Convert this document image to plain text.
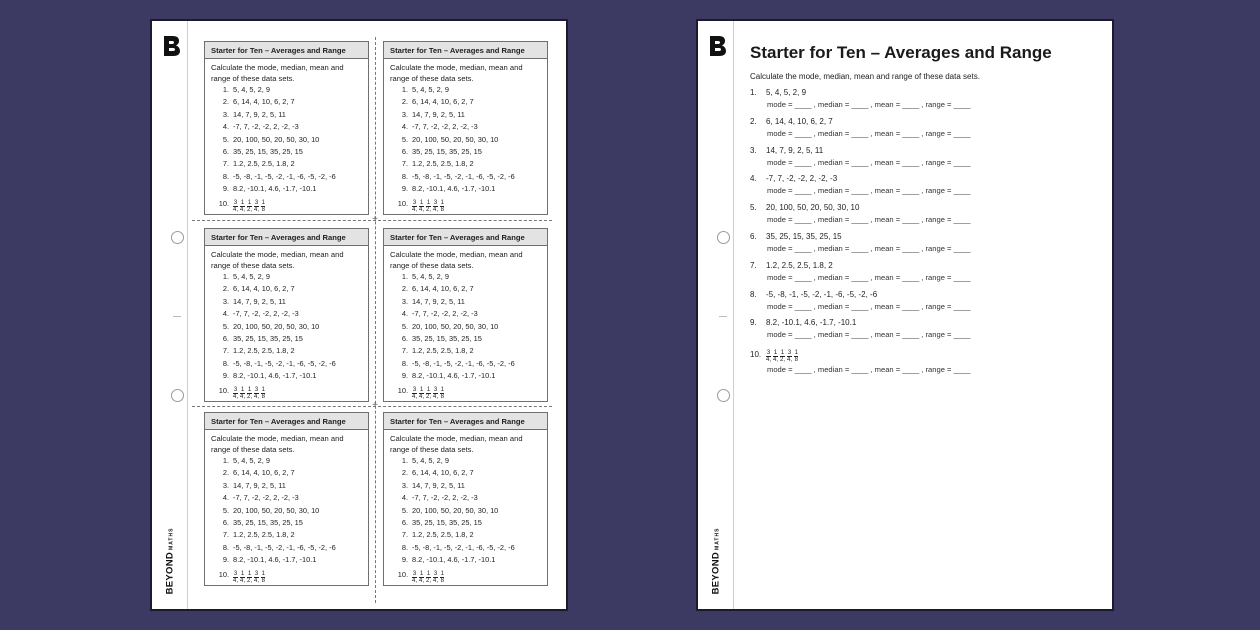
BEYONDMATHS
+
+
Starter for Ten – Averages and Range
Calculate the mode, median, mean and
range of these data sets.
1. 5, 4, 5, 2, 9
2. 6, 14, 4, 10, 6, 2, 7
3. 14, 7, 9, 2, 5, 11
4. -7, 7, -2, -2, 2, -2, -3
5. 20, 100, 50, 20, 50, 30, 10
6. 35, 25, 15, 35, 25, 15
7. 1.2, 2.5, 2.5, 1.8, 2
8. -5, -8, -1, -5, -2, -1, -6, -5, -2, -6
9. 8.2, -10.1, 4.6, -1.7, -10.1
10. $\frac{3}{4,} \frac{1}{4,} \frac{1}{2,} \frac{3}{4,} \frac{1}{8}$
Starter for Ten – Averages and Range
Calculate the mode, median, mean and
range of these data sets.
1. 5, 4, 5, 2, 9
2. 6, 14, 4, 10, 6, 2, 7
3. 14, 7, 9, 2, 5, 11
4. -7, 7, -2, -2, 2, -2, -3
5. 20, 100, 50, 20, 50, 30, 10
6. 35, 25, 15, 35, 25, 15
7. 1.2, 2.5, 2.5, 1.8, 2
8. -5, -8, -1, -5, -2, -1, -6, -5, -2, -6
9. 8.2, -10.1, 4.6, -1.7, -10.1
10. $\frac{3}{4,} \frac{1}{4,} \frac{1}{2,} \frac{3}{4,} \frac{1}{8}$
Starter for Ten – Averages and Range
Calculate the mode, median, mean and
range of these data sets.
1. 5, 4, 5, 2, 9
2. 6, 14, 4, 10, 6, 2, 7
3. 14, 7, 9, 2, 5, 11
4. -7, 7, -2, -2, 2, -2, -3
5. 20, 100, 50, 20, 50, 30, 10
6. 35, 25, 15, 35, 25, 15
7. 1.2, 2.5, 2.5, 1.8, 2
8. -5, -8, -1, -5, -2, -1, -6, -5, -2, -6
9. 8.2, -10.1, 4.6, -1.7, -10.1
10. $\frac{3}{4,} \frac{1}{4,} \frac{1}{2,} \frac{3}{4,} \frac{1}{8}$
Starter for Ten – Averages and Range
Calculate the mode, median, mean and
range of these data sets.
1. 5, 4, 5, 2, 9
2. 6, 14, 4, 10, 6, 2, 7
3. 14, 7, 9, 2, 5, 11
4. -7, 7, -2, -2, 2, -2, -3
5. 20, 100, 50, 20, 50, 30, 10
6. 35, 25, 15, 35, 25, 15
7. 1.2, 2.5, 2.5, 1.8, 2
8. -5, -8, -1, -5, -2, -1, -6, -5, -2, -6
9. 8.2, -10.1, 4.6, -1.7, -10.1
10. $\frac{3}{4,} \frac{1}{4,} \frac{1}{2,} \frac{3}{4,} \frac{1}{8}$
Starter for Ten – Averages and Range
Calculate the mode, median, mean and
range of these data sets.
1. 5, 4, 5, 2, 9
2. 6, 14, 4, 10, 6, 2, 7
3. 14, 7, 9, 2, 5, 11
4. -7, 7, -2, -2, 2, -2, -3
5. 20, 100, 50, 20, 50, 30, 10
6. 35, 25, 15, 35, 25, 15
7. 1.2, 2.5, 2.5, 1.8, 2
8. -5, -8, -1, -5, -2, -1, -6, -5, -2, -6
9. 8.2, -10.1, 4.6, -1.7, -10.1
10. $\frac{3}{4,} \frac{1}{4,} \frac{1}{2,} \frac{3}{4,} \frac{1}{8}$
Starter for Ten – Averages and Range
Calculate the mode, median, mean and
range of these data sets.
1. 5, 4, 5, 2, 9
2. 6, 14, 4, 10, 6, 2, 7
3. 14, 7, 9, 2, 5, 11
4. -7, 7, -2, -2, 2, -2, -3
5. 20, 100, 50, 20, 50, 30, 10
6. 35, 25, 15, 35, 25, 15
7. 1.2, 2.5, 2.5, 1.8, 2
8. -5, -8, -1, -5, -2, -1, -6, -5, -2, -6
9. 8.2, -10.1, 4.6, -1.7, -10.1
10. $\frac{3}{4,} \frac{1}{4,} \frac{1}{2,} \frac{3}{4,} \frac{1}{8}$	BEYONDMATHS
Starter for Ten – Averages and Range
Calculate the mode, median, mean and range of these data sets.
1.	5, 4, 5, 2, 9
mode = ____ , median = ____ , mean = ____ , range = ____
2.	6, 14, 4, 10, 6, 2, 7
mode = ____ , median = ____ , mean = ____ , range = ____
3.	14, 7, 9, 2, 5, 11
mode = ____ , median = ____ , mean = ____ , range = ____
4.	-7, 7, -2, -2, 2, -2, -3
mode = ____ , median = ____ , mean = ____ , range = ____
5.	20, 100, 50, 20, 50, 30, 10
mode = ____ , median = ____ , mean = ____ , range = ____
6.	35, 25, 15, 35, 25, 15
mode = ____ , median = ____ , mean = ____ , range = ____
7.	1.2, 2.5, 2.5, 1.8, 2
mode = ____ , median = ____ , mean = ____ , range = ____
8.	-5, -8, -1, -5, -2, -1, -6, -5, -2, -6
mode = ____ , median = ____ , mean = ____ , range = ____
9.	8.2, -10.1, 4.6, -1.7, -10.1
mode = ____ , median = ____ , mean = ____ , range = ____
10. $\frac{3}{4,} \frac{1}{4,} \frac{1}{2,} \frac{3}{4,} \frac{1}{8}$
mode = ____ , median = ____ , mean = ____ , range = ____
